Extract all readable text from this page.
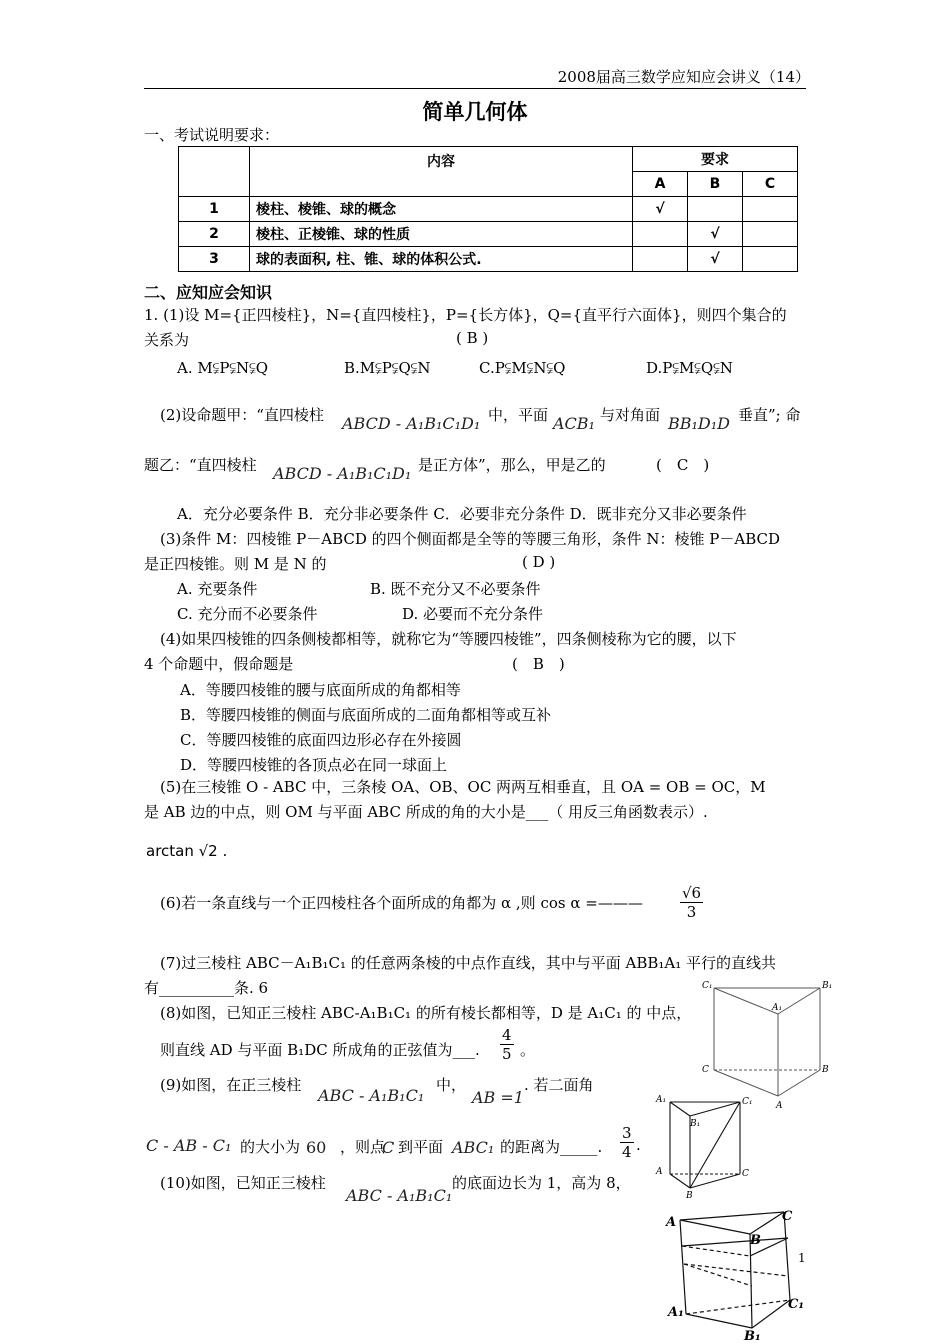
2008届高三数学应知应会讲义（14）
简单几何体
一、考试说明要求：
	内容	要求		
		A	B	C
1	棱柱、棱锥、球的概念	√		
2	棱柱、正棱锥、球的性质		√	
3	球的表面积, 柱、锥、球的体积公式.		√	
二、应知应会知识
1. (1)设 M={正四棱柱}，N={直四棱柱}，P={长方体}，Q={直平行六面体}，则四个集合的
关系为	( B )
A. M⫋P⫋N⫋Q	B.M⫋P⫋Q⫋N	C.P⫋M⫋N⫋Q	D.P⫋M⫋Q⫋N
(2)设命题甲：“直四棱柱 ABCD - A₁B₁C₁D₁ 中，平面 ACB₁ 与对角面 BB₁D₁D 垂直”; 命
题乙：“直四棱柱 ABCD - A₁B₁C₁D₁ 是正方体”，那么，甲是乙的	(　C　)
A．充分必要条件 B．充分非必要条件 C．必要非充分条件 D．既非充分又非必要条件
(3)条件 M：四棱锥 P－ABCD 的四个侧面都是全等的等腰三角形，条件 N：棱锥 P－ABCD
是正四棱锥。则 M 是 N 的	( D )
A. 充要条件	B. 既不充分又不必要条件
C. 充分而不必要条件	D. 必要而不充分条件
(4)如果四棱锥的四条侧棱都相等，就称它为“等腰四棱锥”，四条侧棱称为它的腰，以下
4 个命题中，假命题是	(　B　)
A．等腰四棱锥的腰与底面所成的角都相等
B．等腰四棱锥的侧面与底面所成的二面角都相等或互补
C．等腰四棱锥的底面四边形必存在外接圆
D．等腰四棱锥的各顶点必在同一球面上
(5)在三棱锥 O - ABC 中，三条棱 OA、OB、OC 两两互相垂直，且 OA = OB = OC，M
是 AB 边的中点，则 OM 与平面 ABC 所成的角的大小是___（ 用反三角函数表示）.
arctan √2 .
(6)若一条直线与一个正四棱柱各个面所成的角都为 α ,则 cos α =——— $\frac{√6}{3}$
(7)过三棱柱 ABC－A₁B₁C₁ 的任意两条棱的中点作直线，其中与平面 ABB₁A₁ 平行的直线共
有__________条. 6
(8)如图，已知正三棱柱 ABC-A₁B₁C₁ 的所有棱长都相等，D 是 A₁C₁ 的 中点，
则直线 AD 与平面 B₁DC 所成角的正弦值为___. $\frac{4}{5}$ 。
(9)如图，在正三棱柱
ABC - A₁B₁C₁
中，
AB =1
. 若二面角
C - AB - C₁ 的大小为 60 ，则点
C 到平面 ABC₁ 的距离为_____. $\frac{3}{4}$ .
(10)如图，已知正三棱柱
ABC - A₁B₁C₁
的底面边长为 1，高为 8，
C₁	B₁
A₁
C	B
A
A₁	C₁
B₁
A	C
B
A	C
B
A₁
C₁
B₁
1
